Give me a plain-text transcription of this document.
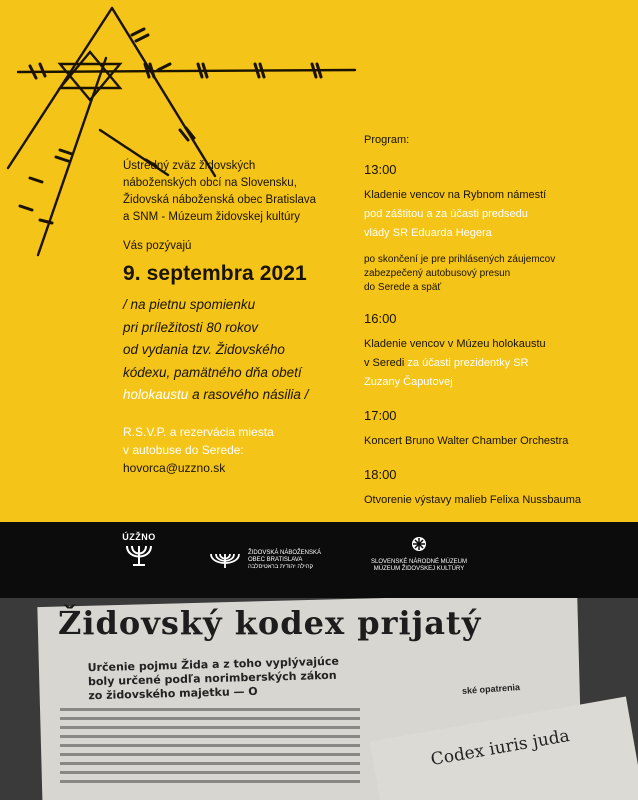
Ústredný zväz židovských
náboženských obcí na Slovensku,
Židovská náboženská obec Bratislava
a SNM - Múzeum židovskej kultúry
Vás pozývajú
9. septembra 2021
/ na pietnu spomienku
pri príležitosti 80 rokov
od vydania tzv. Židovského
kódexu, pamätného dňa obetí
holokaustu a rasového násilia /
R.S.V.P. a rezervácia miesta
v autobuse do Serede:
hovorca@uzzno.sk
Program:
13:00
Kladenie vencov na Rybnom námestí
pod záštitou a za účasti predsedu
vlády SR Eduarda Hegera
po skončení je pre prihlásených záujemcov
zabezpečený autobusový presun
do Serede a späť
16:00
Kladenie vencov v Múzeu holokaustu
v Seredi za účasti prezidentky SR
Zuzany Čaputovej
17:00
Koncert Bruno Walter Chamber Orchestra
18:00
Otvorenie výstavy malieb Felixa Nussbauma
ÚZŽNO
ŽIDOVSKÁ NÁBOŽENSKÁ
OBEC BRATISLAVA
קהילה יהודית בראטיסלבה
SLOVENSKÉ NÁRODNÉ MÚZEUM
MÚZEUM ŽIDOVSKEJ KULTÚRY
Židovský kodex prijatý
Určenie pojmu Žida a z toho vyplývajúce
boly určené podľa norimberských zákon
zo židovského majetku — O	ské opatrenia
Codex iuris juda
